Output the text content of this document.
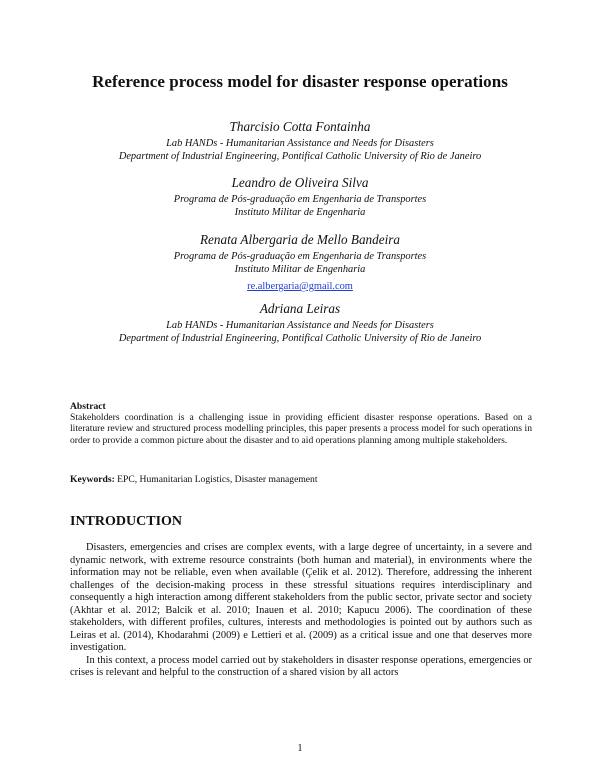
Reference process model for disaster response operations
Tharcisio Cotta Fontainha
Lab HANDs - Humanitarian Assistance and Needs for Disasters
Department of Industrial Engineering, Pontifical Catholic University of Rio de Janeiro
Leandro de Oliveira Silva
Programa de Pós-graduação em Engenharia de Transportes
Instituto Militar de Engenharia
Renata Albergaria de Mello Bandeira
Programa de Pós-graduação em Engenharia de Transportes
Instituto Militar de Engenharia
re.albergaria@gmail.com
Adriana Leiras
Lab HANDs - Humanitarian Assistance and Needs for Disasters
Department of Industrial Engineering, Pontifical Catholic University of Rio de Janeiro
Abstract
Stakeholders coordination is a challenging issue in providing efficient disaster response operations. Based on a literature review and structured process modelling principles, this paper presents a process model for such operations in order to provide a common picture about the disaster and to aid operations planning among multiple stakeholders.
Keywords: EPC, Humanitarian Logistics, Disaster management
INTRODUCTION

Disasters, emergencies and crises are complex events, with a large degree of uncertainty, in a severe and dynamic network, with extreme resource constraints (both human and material), in environments where the information may not be reliable, even when available (Çelik et al. 2012). Therefore, addressing the inherent challenges of the decision-making process in these stressful situations requires interdisciplinary and consequently a high interaction among different stakeholders from the public sector, private sector and society (Akhtar et al. 2012; Balcik et al. 2010; Inauen et al. 2010; Kapucu 2006). The coordination of these stakeholders, with different profiles, cultures, interests and methodologies is pointed out by authors such as Leiras et al. (2014), Khodarahmi (2009) e Lettieri et al. (2009) as a critical issue and one that deserves more investigation.

In this context, a process model carried out by stakeholders in disaster response operations, emergencies or crises is relevant and helpful to the construction of a shared vision by all actors

1
